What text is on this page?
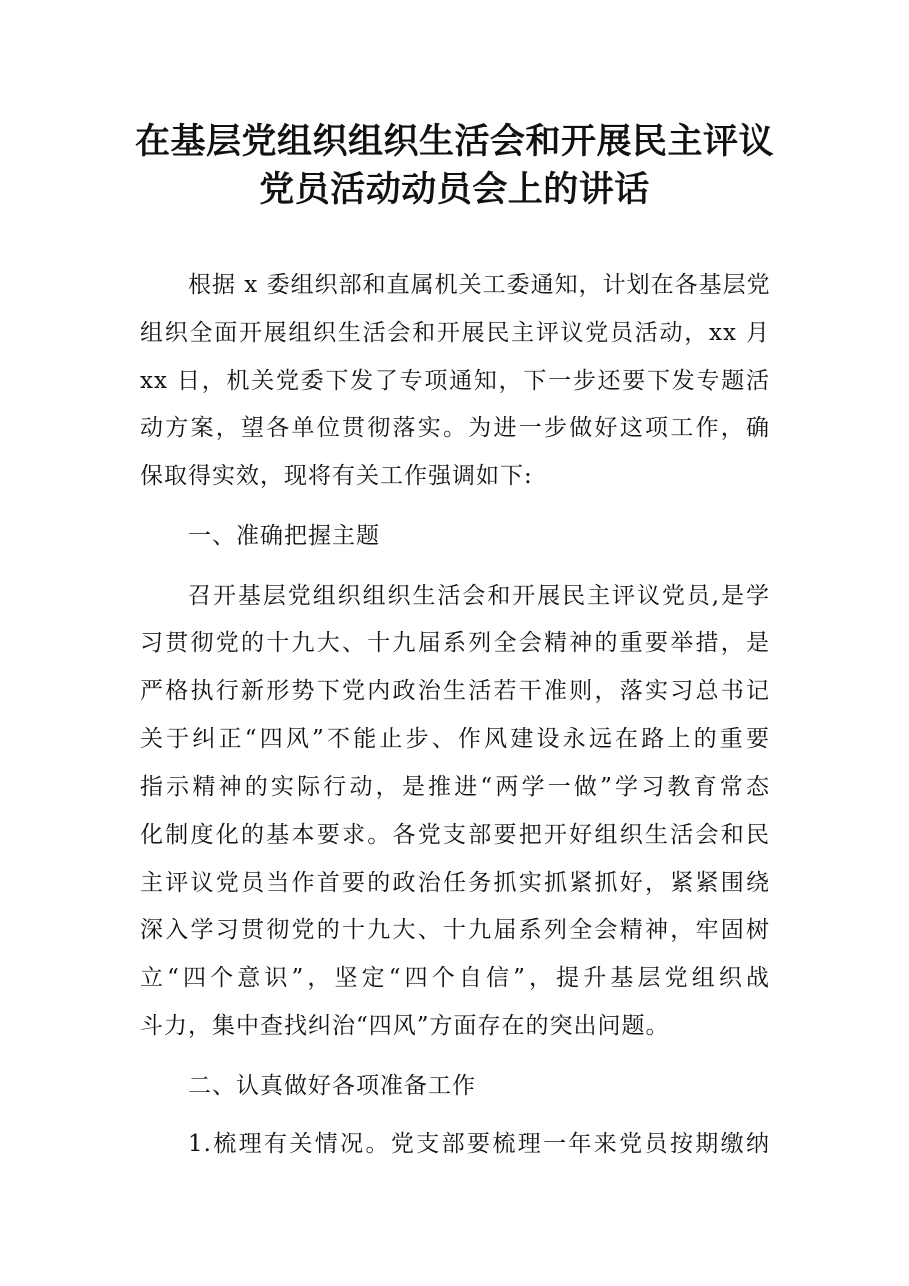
在基层党组织组织生活会和开展民主评议
党员活动动员会上的讲话
根据 x 委组织部和直属机关工委通知，计划在各基层党
组织全面开展组织生活会和开展民主评议党员活动，xx 月
xx 日，机关党委下发了专项通知，下一步还要下发专题活
动方案，望各单位贯彻落实。为进一步做好这项工作，确
保取得实效，现将有关工作强调如下:
一、准确把握主题
召开基层党组织组织生活会和开展民主评议党员,是学
习贯彻党的十九大、十九届系列全会精神的重要举措，是
严格执行新形势下党内政治生活若干准则，落实习总书记
关于纠正“四风”不能止步、作风建设永远在路上的重要
指示精神的实际行动，是推进“两学一做”学习教育常态
化制度化的基本要求。各党支部要把开好组织生活会和民
主评议党员当作首要的政治任务抓实抓紧抓好，紧紧围绕
深入学习贯彻党的十九大、十九届系列全会精神，牢固树
立“四个意识”，坚定“四个自信”，提升基层党组织战
斗力，集中查找纠治“四风”方面存在的突出问题。
二、认真做好各项准备工作
1.梳理有关情况。党支部要梳理一年来党员按期缴纳
